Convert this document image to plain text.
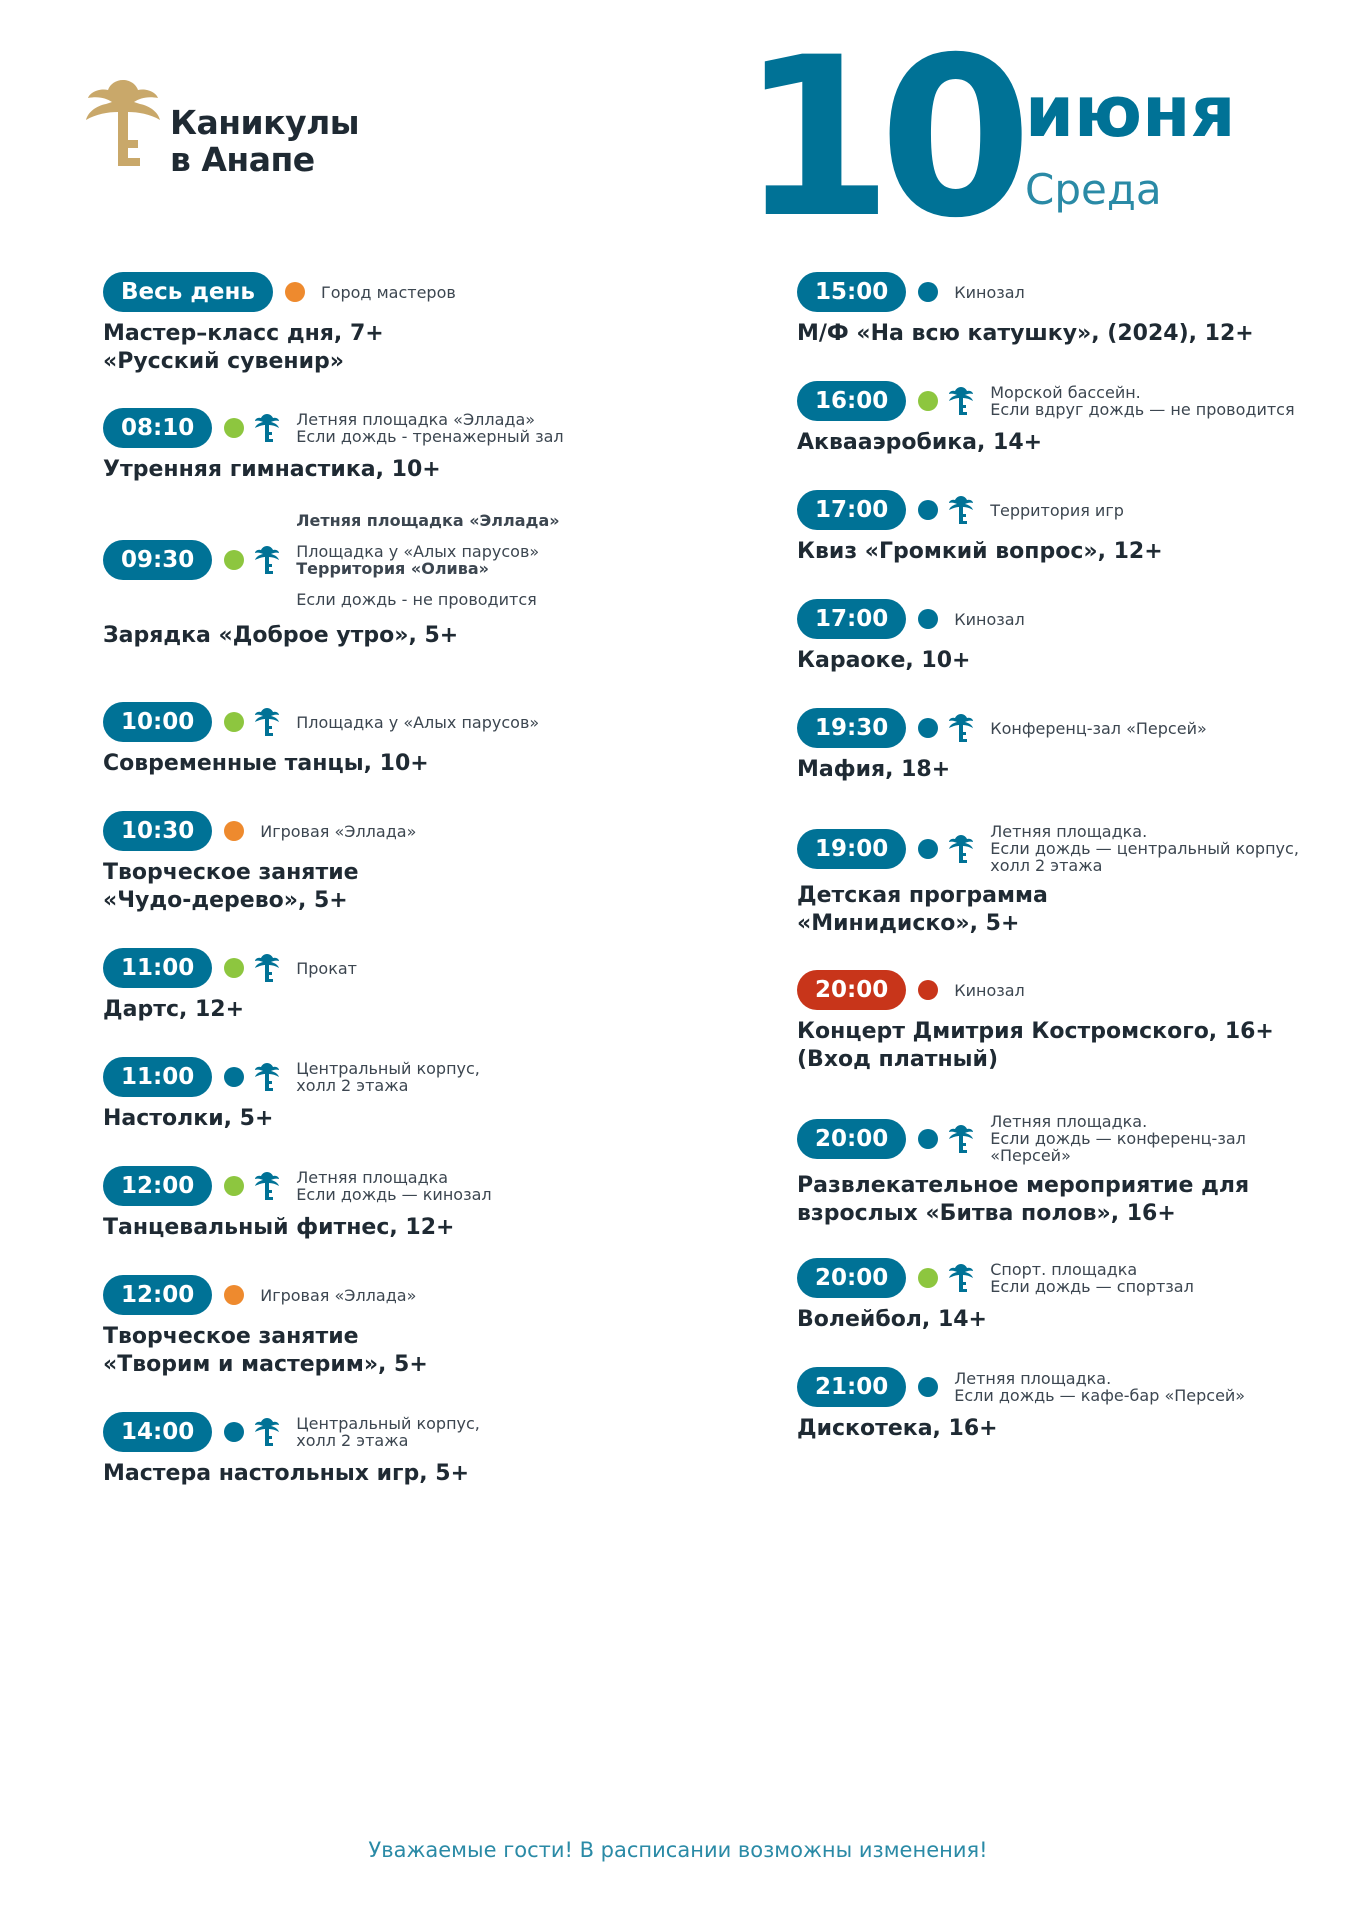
Каникулы
в Анапе 10 июня
Среда
Весь день	Город мастеров
Мастер–класс дня, 7+
«Русский сувенир»
08:10	Летняя площадка «Эллада»
Если дождь - тренажерный зал
Утренняя гимнастика, 10+
09:30
Летняя площадка «Эллада»
Площадка у «Алых парусов»
Территория «Олива»
Если дождь - не проводится
Зарядка «Доброе утро», 5+
10:00	Площадка у «Алых парусов»
Современные танцы, 10+
10:30	Игровая «Эллада»
Творческое занятие
«Чудо-дерево», 5+
11:00	Прокат
Дартс, 12+
11:00	Центральный корпус,
холл 2 этажа
Настолки, 5+
12:00	Летняя площадка
Если дождь — кинозал
Танцевальный фитнес, 12+
12:00	Игровая «Эллада»
Творческое занятие
«Творим и мастерим», 5+
14:00	Центральный корпус,
холл 2 этажа
Мастера настольных игр, 5+
15:00	Кинозал
М/Ф «На всю катушку», (2024), 12+
16:00	Морской бассейн.
Если вдруг дождь — не проводится
Аквааэробика, 14+
17:00	Территория игр
Квиз «Громкий вопрос», 12+
17:00	Кинозал
Караоке, 10+
19:30	Конференц-зал «Персей»
Мафия, 18+
19:00
Летняя площадка.
Если дождь — центральный корпус,
холл 2 этажа
Детская программа
«Минидиско», 5+
20:00	Кинозал
Концерт Дмитрия Костромского, 16+
(Вход платный)
20:00
Летняя площадка.
Если дождь — конференц-зал
«Персей»
Развлекательное мероприятие для
взрослых «Битва полов», 16+
20:00	Спорт. площадка
Если дождь — спортзал
Волейбол, 14+
21:00	Летняя площадка.
Если дождь — кафе-бар «Персей»
Дискотека, 16+
Уважаемые гости! В расписании возможны изменения!
